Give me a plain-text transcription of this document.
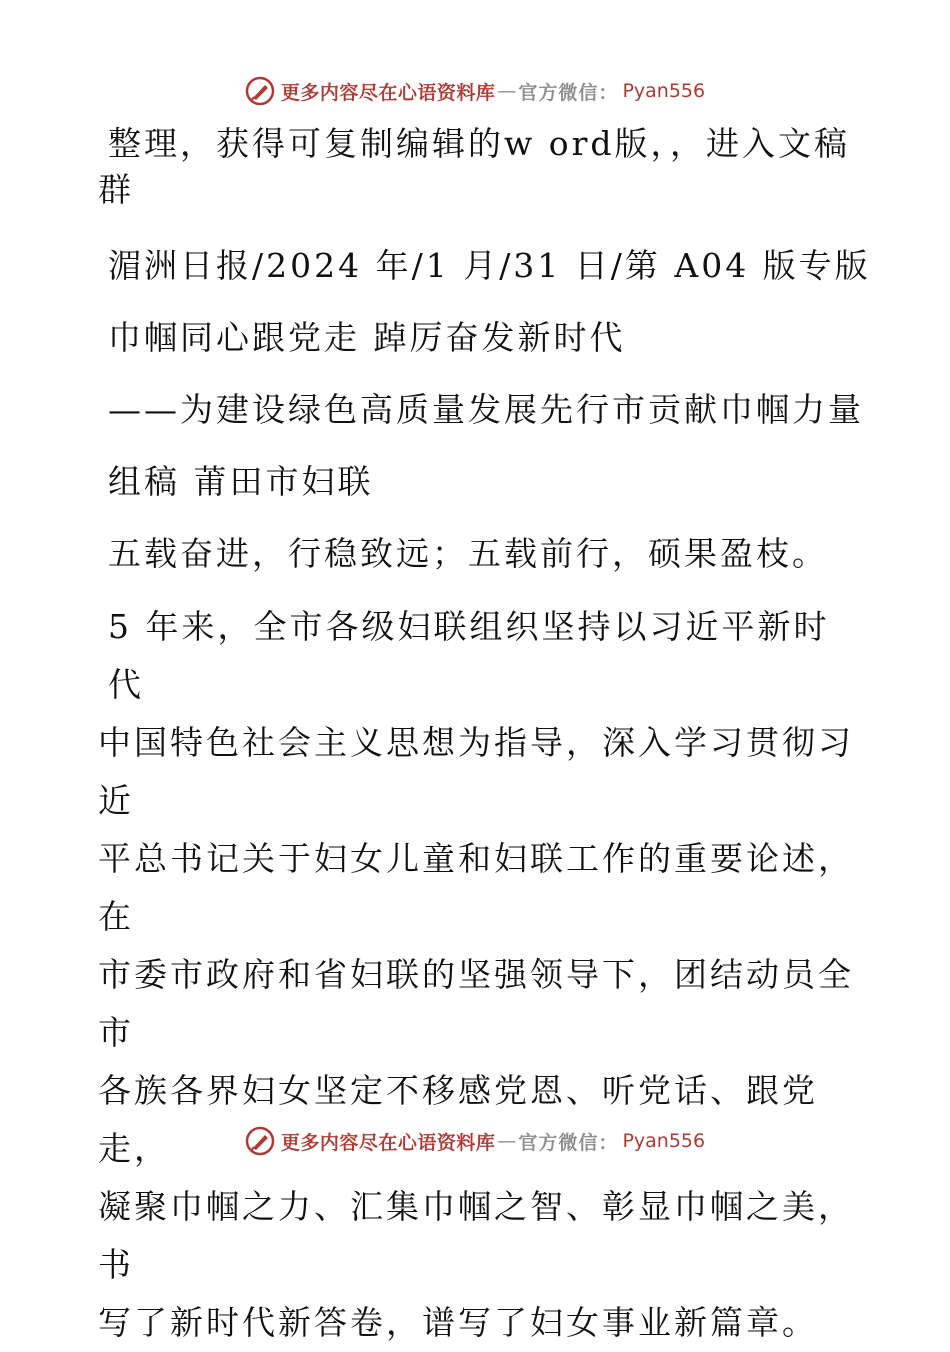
更多内容尽在心语资料库 — 官方微信： Pyan556
整理，获得可复制编辑的w ord版，，进入文稿
群
湄洲日报/2024 年/1 月/31 日/第 A04 版专版
巾帼同心跟党走 踔厉奋发新时代
——为建设绿色高质量发展先行市贡献巾帼力量
组稿 莆田市妇联
五载奋进，行稳致远；五载前行，硕果盈枝。
5 年来，全市各级妇联组织坚持以习近平新时代
中国特色社会主义思想为指导，深入学习贯彻习近
平总书记关于妇女儿童和妇联工作的重要论述，在
市委市政府和省妇联的坚强领导下，团结动员全市
各族各界妇女坚定不移感党恩、听党话、跟党走，
凝聚巾帼之力、汇集巾帼之智、彰显巾帼之美，书
写了新时代新答卷，谱写了妇女事业新篇章。
更多内容尽在心语资料库 — 官方微信： Pyan556
